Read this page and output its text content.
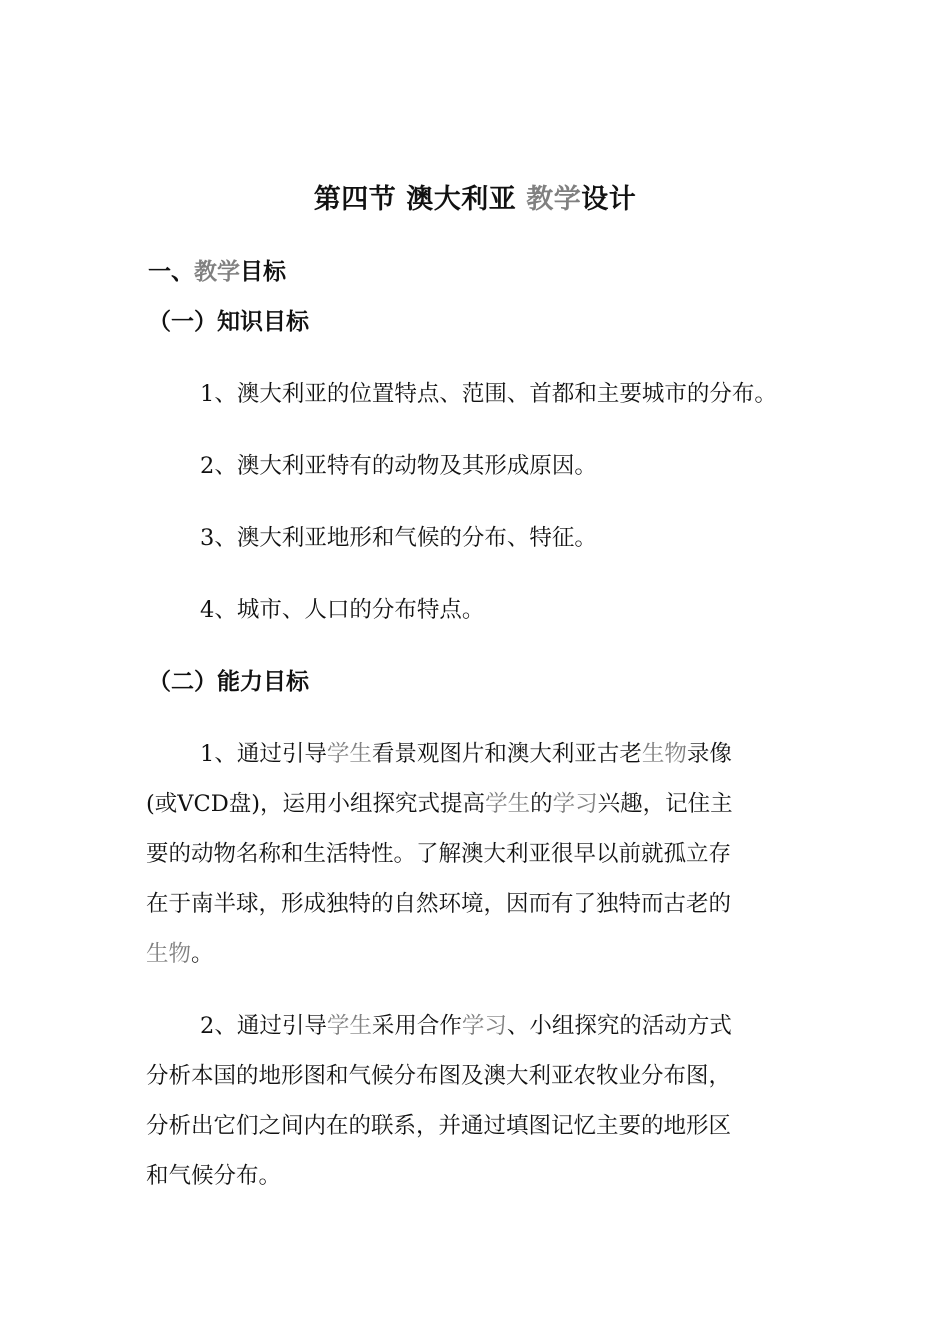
第四节 澳大利亚 教学设计
一、教学目标
（一）知识目标
1、澳大利亚的位置特点、范围、首都和主要城市的分布。
2、澳大利亚特有的动物及其形成原因。
3、澳大利亚地形和气候的分布、特征。
4、城市、人口的分布特点。
（二）能力目标
1、通过引导学生看景观图片和澳大利亚古老生物录像
(或VCD盘)，运用小组探究式提高学生的学习兴趣，记住主
要的动物名称和生活特性。了解澳大利亚很早以前就孤立存
在于南半球，形成独特的自然环境，因而有了独特而古老的
生物。
2、通过引导学生采用合作学习、小组探究的活动方式
分析本国的地形图和气候分布图及澳大利亚农牧业分布图，
分析出它们之间内在的联系，并通过填图记忆主要的地形区
和气候分布。
